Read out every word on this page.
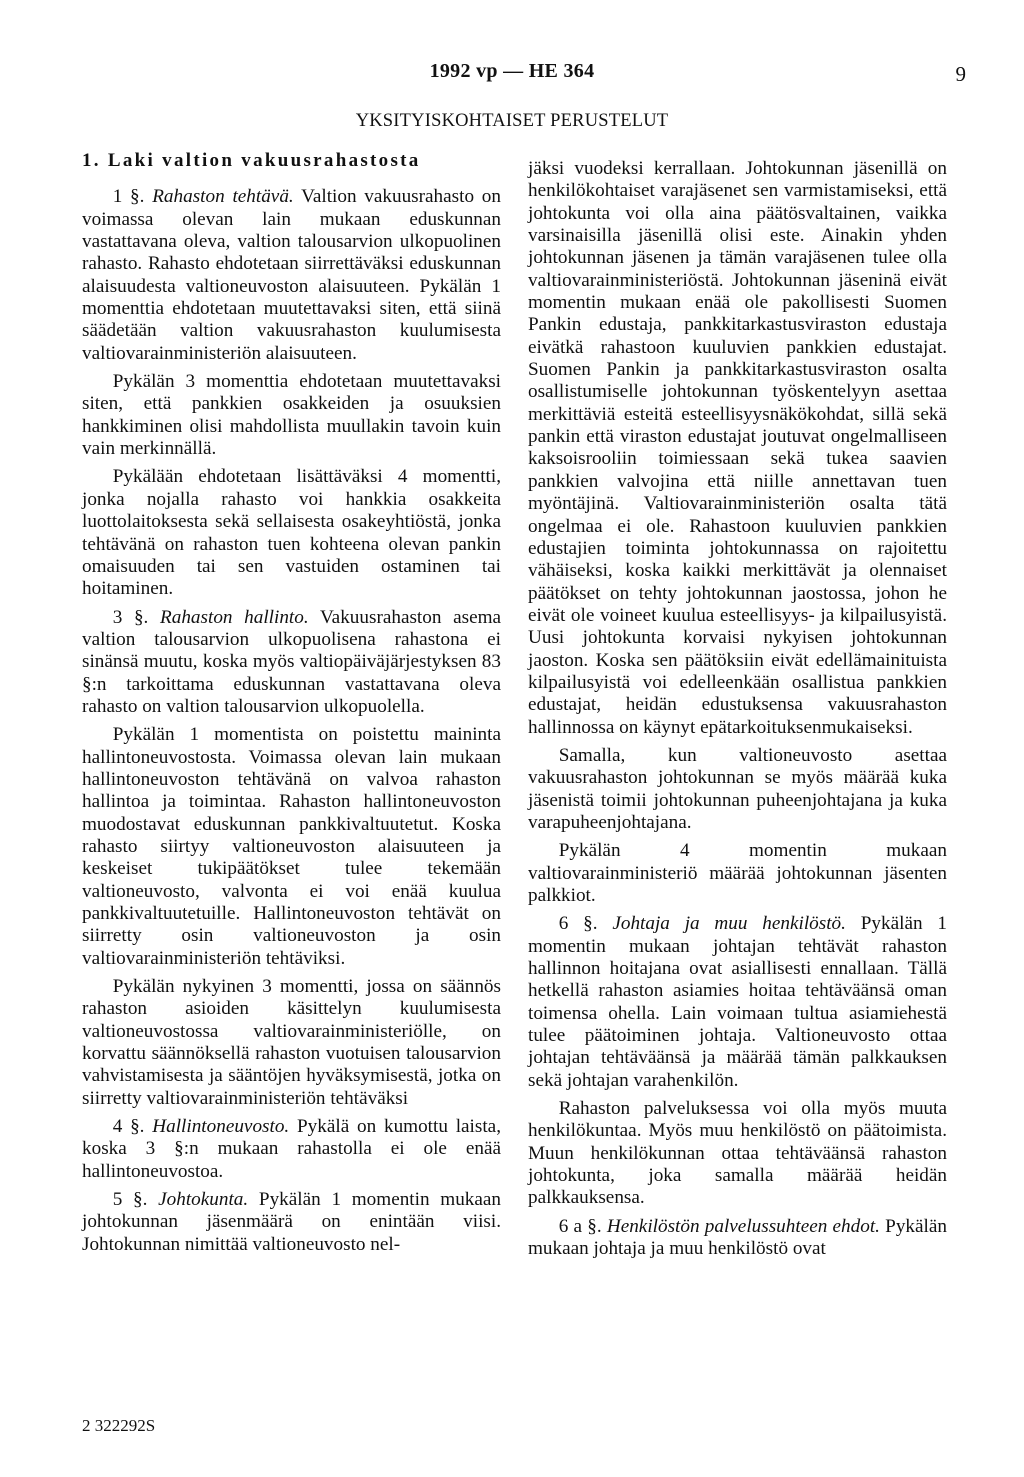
1992 vp — HE 364	9
YKSITYISKOHTAISET PERUSTELUT
1. Laki valtion vakuusrahastosta

1 §. Rahaston tehtävä. Valtion vakuusrahasto on voimassa olevan lain mukaan eduskunnan vastattavana oleva, valtion talousarvion ulkopuolinen rahasto. Rahasto ehdotetaan siirrettäväksi eduskunnan alaisuudesta valtioneuvoston alaisuuteen. Pykälän 1 momenttia ehdotetaan muutettavaksi siten, että siinä säädetään valtion vakuusrahaston kuulumisesta valtiovarainministeriön alaisuuteen.

Pykälän 3 momenttia ehdotetaan muutettavaksi siten, että pankkien osakkeiden ja osuuksien hankkiminen olisi mahdollista muullakin tavoin kuin vain merkinnällä.

Pykälään ehdotetaan lisättäväksi 4 momentti, jonka nojalla rahasto voi hankkia osakkeita luottolaitoksesta sekä sellaisesta osakeyhtiöstä, jonka tehtävänä on rahaston tuen kohteena olevan pankin omaisuuden tai sen vastuiden ostaminen tai hoitaminen.

3 §. Rahaston hallinto. Vakuusrahaston asema valtion talousarvion ulkopuolisena rahastona ei sinänsä muutu, koska myös valtiopäiväjärjestyksen 83 §:n tarkoittama eduskunnan vastattavana oleva rahasto on valtion talousarvion ulkopuolella.

Pykälän 1 momentista on poistettu maininta hallintoneuvostosta. Voimassa olevan lain mukaan hallintoneuvoston tehtävänä on valvoa rahaston hallintoa ja toimintaa. Rahaston hallintoneuvoston muodostavat eduskunnan pankkivaltuutetut. Koska rahasto siirtyy valtioneuvoston alaisuuteen ja keskeiset tukipäätökset tulee tekemään valtioneuvosto, valvonta ei voi enää kuulua pankkivaltuutetuille. Hallintoneuvoston tehtävät on siirretty osin valtioneuvoston ja osin valtiovarainministeriön tehtäviksi.

Pykälän nykyinen 3 momentti, jossa on säännös rahaston asioiden käsittelyn kuulumisesta valtioneuvostossa valtiovarainministeriölle, on korvattu säännöksellä rahaston vuotuisen talousarvion vahvistamisesta ja sääntöjen hyväksymisestä, jotka on siirretty valtiovarainministeriön tehtäväksi

4 §. Hallintoneuvosto. Pykälä on kumottu laista, koska 3 §:n mukaan rahastolla ei ole enää hallintoneuvostoa.

5 §. Johtokunta. Pykälän 1 momentin mukaan johtokunnan jäsenmäärä on enintään viisi. Johtokunnan nimittää valtioneuvosto nel-

jäksi vuodeksi kerrallaan. Johtokunnan jäsenillä on henkilökohtaiset varajäsenet sen varmistamiseksi, että johtokunta voi olla aina päätösvaltainen, vaikka varsinaisilla jäsenillä olisi este. Ainakin yhden johtokunnan jäsenen ja tämän varajäsenen tulee olla valtiovarainministeriöstä. Johtokunnan jäseninä eivät momentin mukaan enää ole pakollisesti Suomen Pankin edustaja, pankkitarkastusviraston edustaja eivätkä rahastoon kuuluvien pankkien edustajat. Suomen Pankin ja pankkitarkastusviraston osalta osallistumiselle johtokunnan työskentelyyn asettaa merkittäviä esteitä esteellisyysnäkökohdat, sillä sekä pankin että viraston edustajat joutuvat ongelmalliseen kaksoisrooliin toimiessaan sekä tukea saavien pankkien valvojina että niille annettavan tuen myöntäjinä. Valtiovarainministeriön osalta tätä ongelmaa ei ole. Rahastoon kuuluvien pankkien edustajien toiminta johtokunnassa on rajoitettu vähäiseksi, koska kaikki merkittävät ja olennaiset päätökset on tehty johtokunnan jaostossa, johon he eivät ole voineet kuulua esteellisyys- ja kilpailusyistä. Uusi johtokunta korvaisi nykyisen johtokunnan jaoston. Koska sen päätöksiin eivät edellämainituista kilpailusyistä voi edelleenkään osallistua pankkien edustajat, heidän edustuksensa vakuusrahaston hallinnossa on käynyt epätarkoituksenmukaiseksi.

Samalla, kun valtioneuvosto asettaa vakuusrahaston johtokunnan se myös määrää kuka jäsenistä toimii johtokunnan puheenjohtajana ja kuka varapuheenjohtajana.

Pykälän 4 momentin mukaan valtiovarainministeriö määrää johtokunnan jäsenten palkkiot.

6 §. Johtaja ja muu henkilöstö. Pykälän 1 momentin mukaan johtajan tehtävät rahaston hallinnon hoitajana ovat asiallisesti ennallaan. Tällä hetkellä rahaston asiamies hoitaa tehtäväänsä oman toimensa ohella. Lain voimaan tultua asiamiehestä tulee päätoiminen johtaja. Valtioneuvosto ottaa johtajan tehtäväänsä ja määrää tämän palkkauksen sekä johtajan varahenkilön.

Rahaston palveluksessa voi olla myös muuta henkilökuntaa. Myös muu henkilöstö on päätoimista. Muun henkilökunnan ottaa tehtäväänsä rahaston johtokunta, joka samalla määrää heidän palkkauksensa.

6 a §. Henkilöstön palvelussuhteen ehdot. Pykälän mukaan johtaja ja muu henkilöstö ovat

2 322292S
